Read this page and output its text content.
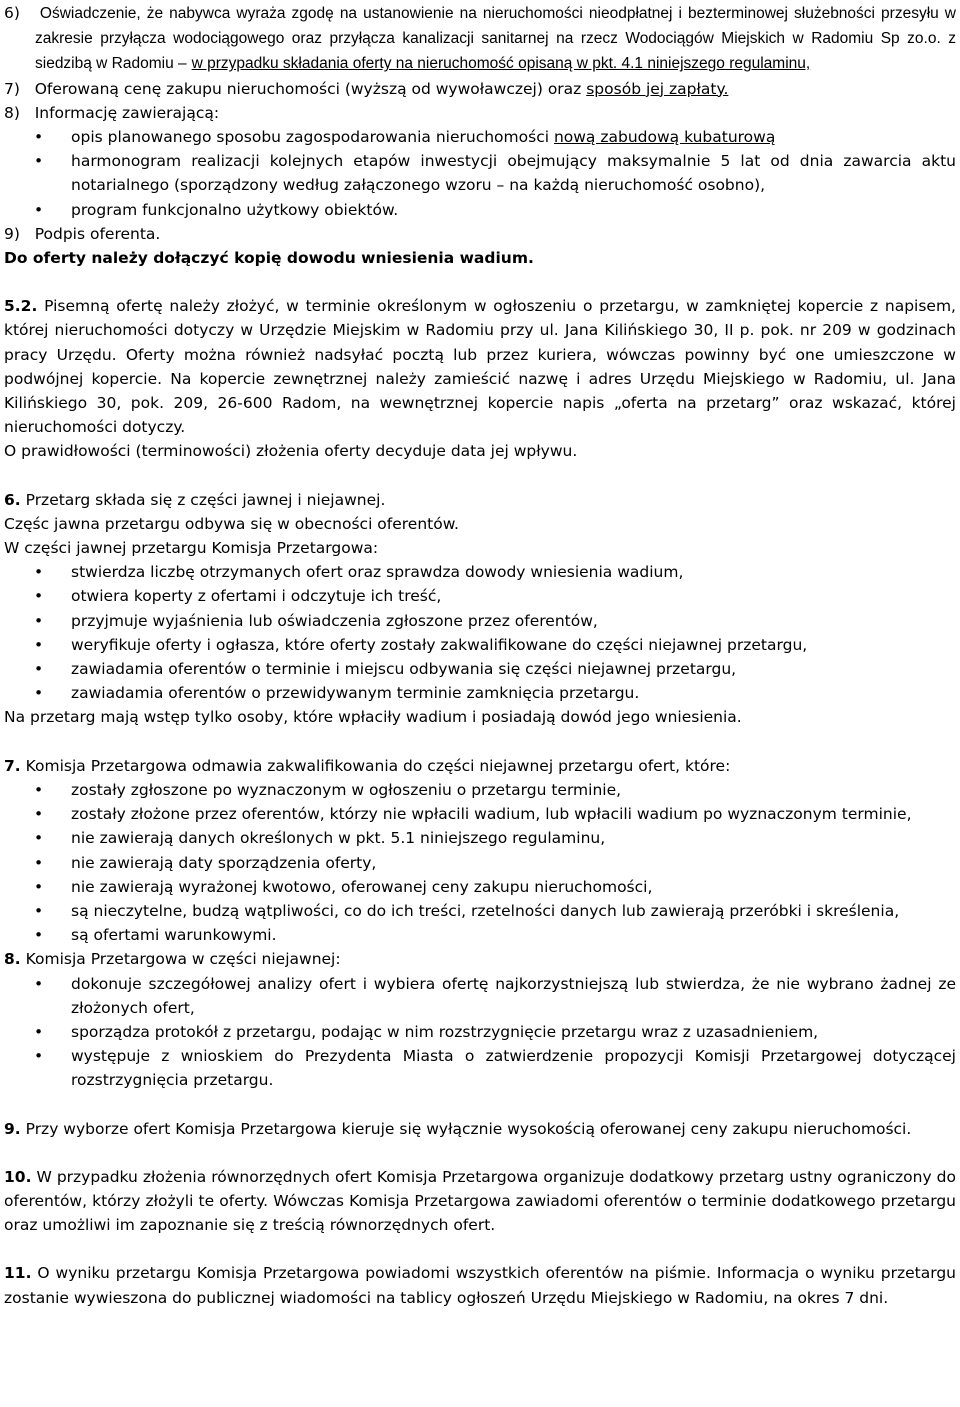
6) Oświadczenie, że nabywca wyraża zgodę na ustanowienie na nieruchomości nieodpłatnej i bezterminowej służebności przesyłu w zakresie przyłącza wodociągowego oraz przyłącza kanalizacji sanitarnej na rzecz Wodociągów Miejskich w Radomiu Sp zo.o. z siedzibą w Radomiu – w przypadku składania oferty na nieruchomość opisaną w pkt. 4.1 niniejszego regulaminu,

7) Oferowaną cenę zakupu nieruchomości (wyższą od wywoławczej) oraz sposób jej zapłaty.

8) Informację zawierającą:

• opis planowanego sposobu zagospodarowania nieruchomości nową zabudową kubaturową

• harmonogram realizacji kolejnych etapów inwestycji obejmujący maksymalnie 5 lat od dnia zawarcia aktu notarialnego (sporządzony według załączonego wzoru – na każdą nieruchomość osobno),

• program funkcjonalno użytkowy obiektów.

9) Podpis oferenta.

Do oferty należy dołączyć kopię dowodu wniesienia wadium.

5.2. Pisemną ofertę należy złożyć, w terminie określonym w ogłoszeniu o przetargu, w zamkniętej kopercie z napisem, której nieruchomości dotyczy w Urzędzie Miejskim w Radomiu przy ul. Jana Kilińskiego 30, II p. pok. nr 209 w godzinach pracy Urzędu. Oferty można również nadsyłać pocztą lub przez kuriera, wówczas powinny być one umieszczone w podwójnej kopercie. Na kopercie zewnętrznej należy zamieścić nazwę i adres Urzędu Miejskiego w Radomiu, ul. Jana Kilińskiego 30, pok. 209, 26-600 Radom, na wewnętrznej kopercie napis „oferta na przetarg” oraz wskazać, której nieruchomości dotyczy.

O prawidłowości (terminowości) złożenia oferty decyduje data jej wpływu.

6. Przetarg składa się z części jawnej i niejawnej.

Częśc jawna przetargu odbywa się w obecności oferentów.

W części jawnej przetargu Komisja Przetargowa:

• stwierdza liczbę otrzymanych ofert oraz sprawdza dowody wniesienia wadium,

• otwiera koperty z ofertami i odczytuje ich treść,

• przyjmuje wyjaśnienia lub oświadczenia zgłoszone przez oferentów,

• weryfikuje oferty i ogłasza, które oferty zostały zakwalifikowane do części niejawnej przetargu,

• zawiadamia oferentów o terminie i miejscu odbywania się części niejawnej przetargu,

• zawiadamia oferentów o przewidywanym terminie zamknięcia przetargu.

Na przetarg mają wstęp tylko osoby, które wpłaciły wadium i posiadają dowód jego wniesienia.

7. Komisja Przetargowa odmawia zakwalifikowania do części niejawnej przetargu ofert, które:

• zostały zgłoszone po wyznaczonym w ogłoszeniu o przetargu terminie,

• zostały złożone przez oferentów, którzy nie wpłacili wadium, lub wpłacili wadium po wyznaczonym terminie,

• nie zawierają danych określonych w pkt. 5.1 niniejszego regulaminu,

• nie zawierają daty sporządzenia oferty,

• nie zawierają wyrażonej kwotowo, oferowanej ceny zakupu nieruchomości,

• są nieczytelne, budzą wątpliwości, co do ich treści, rzetelności danych lub zawierają przeróbki i skreślenia,

• są ofertami warunkowymi.

8. Komisja Przetargowa w części niejawnej:

• dokonuje szczegółowej analizy ofert i wybiera ofertę najkorzystniejszą lub stwierdza, że nie wybrano żadnej ze złożonych ofert,

• sporządza protokół z przetargu, podając w nim rozstrzygnięcie przetargu wraz z uzasadnieniem,

• występuje z wnioskiem do Prezydenta Miasta o zatwierdzenie propozycji Komisji Przetargowej dotyczącej rozstrzygnięcia przetargu.

9. Przy wyborze ofert Komisja Przetargowa kieruje się wyłącznie wysokością oferowanej ceny zakupu nieruchomości.

10. W przypadku złożenia równorzędnych ofert Komisja Przetargowa organizuje dodatkowy przetarg ustny ograniczony do oferentów, którzy złożyli te oferty. Wówczas Komisja Przetargowa zawiadomi oferentów o terminie dodatkowego przetargu oraz umożliwi im zapoznanie się z treścią równorzędnych ofert.

11. O wyniku przetargu Komisja Przetargowa powiadomi wszystkich oferentów na piśmie. Informacja o wyniku przetargu zostanie wywieszona do publicznej wiadomości na tablicy ogłoszeń Urzędu Miejskiego w Radomiu, na okres 7 dni.
